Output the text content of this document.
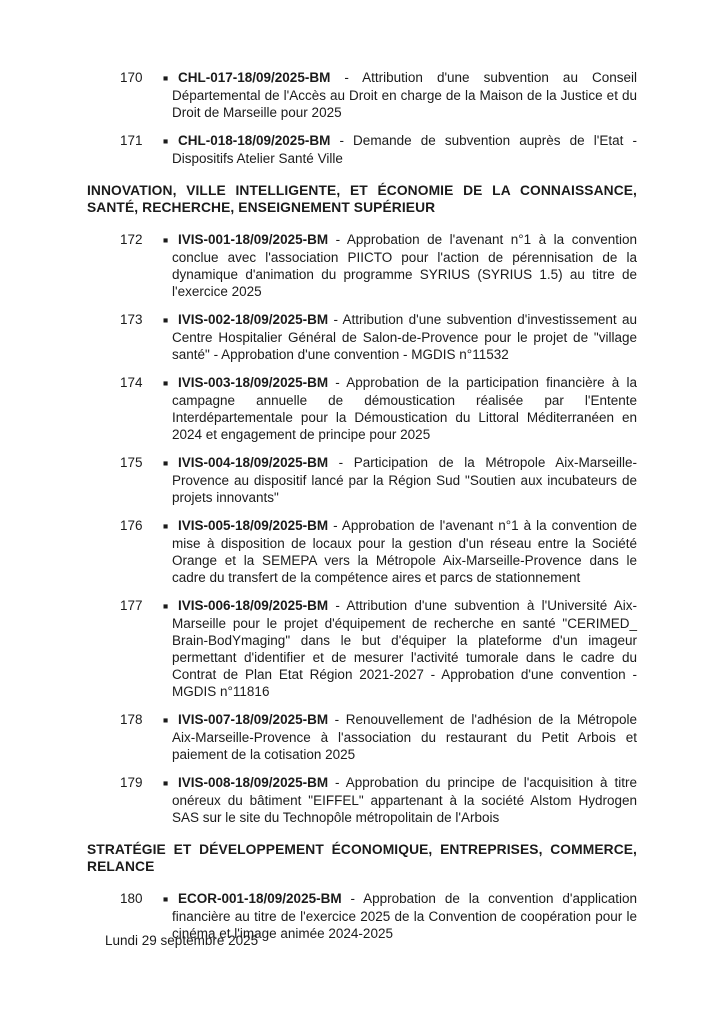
170	■ CHL-017-18/09/2025-BM - Attribution d'une subvention au Conseil Départemental de l'Accès au Droit en charge de la Maison de la Justice et du Droit de Marseille pour 2025
171	■ CHL-018-18/09/2025-BM - Demande de subvention auprès de l'Etat - Dispositifs Atelier Santé Ville
INNOVATION, VILLE INTELLIGENTE, ET ÉCONOMIE DE LA CONNAISSANCE, SANTÉ, RECHERCHE, ENSEIGNEMENT SUPÉRIEUR
172	■ IVIS-001-18/09/2025-BM - Approbation de l'avenant n°1 à la convention conclue avec l'association PIICTO pour l'action de pérennisation de la dynamique d'animation du programme SYRIUS (SYRIUS 1.5) au titre de l'exercice 2025
173	■ IVIS-002-18/09/2025-BM - Attribution d'une subvention d'investissement au Centre Hospitalier Général de Salon-de-Provence pour le projet de "village santé" - Approbation d'une convention - MGDIS n°11532
174	■ IVIS-003-18/09/2025-BM - Approbation de la participation financière à la campagne annuelle de démoustication réalisée par l'Entente Interdépartementale pour la Démoustication du Littoral Méditerranéen en 2024 et engagement de principe pour 2025
175	■ IVIS-004-18/09/2025-BM - Participation de la Métropole Aix-Marseille-Provence au dispositif lancé par la Région Sud "Soutien aux incubateurs de projets innovants"
176	■ IVIS-005-18/09/2025-BM - Approbation de l'avenant n°1 à la convention de mise à disposition de locaux pour la gestion d'un réseau entre la Société Orange et la SEMEPA vers la Métropole Aix-Marseille-Provence dans le cadre du transfert de la compétence aires et parcs de stationnement
177	■ IVIS-006-18/09/2025-BM - Attribution d'une subvention à l'Université Aix-Marseille pour le projet d'équipement de recherche en santé "CERIMED_ Brain-BodYmaging" dans le but d'équiper la plateforme d'un imageur permettant d'identifier et de mesurer l'activité tumorale dans le cadre du Contrat de Plan Etat Région 2021-2027 - Approbation d'une convention - MGDIS n°11816
178	■ IVIS-007-18/09/2025-BM - Renouvellement de l'adhésion de la Métropole Aix-Marseille-Provence à l'association du restaurant du Petit Arbois et paiement de la cotisation 2025
179	■ IVIS-008-18/09/2025-BM - Approbation du principe de l'acquisition à titre onéreux du bâtiment "EIFFEL" appartenant à la société Alstom Hydrogen SAS sur le site du Technopôle métropolitain de l'Arbois
STRATÉGIE ET DÉVELOPPEMENT ÉCONOMIQUE, ENTREPRISES, COMMERCE, RELANCE
180	■ ECOR-001-18/09/2025-BM - Approbation de la convention d'application financière au titre de l'exercice 2025 de la Convention de coopération pour le cinéma et l'image animée 2024-2025
Lundi 29 septembre 2025
